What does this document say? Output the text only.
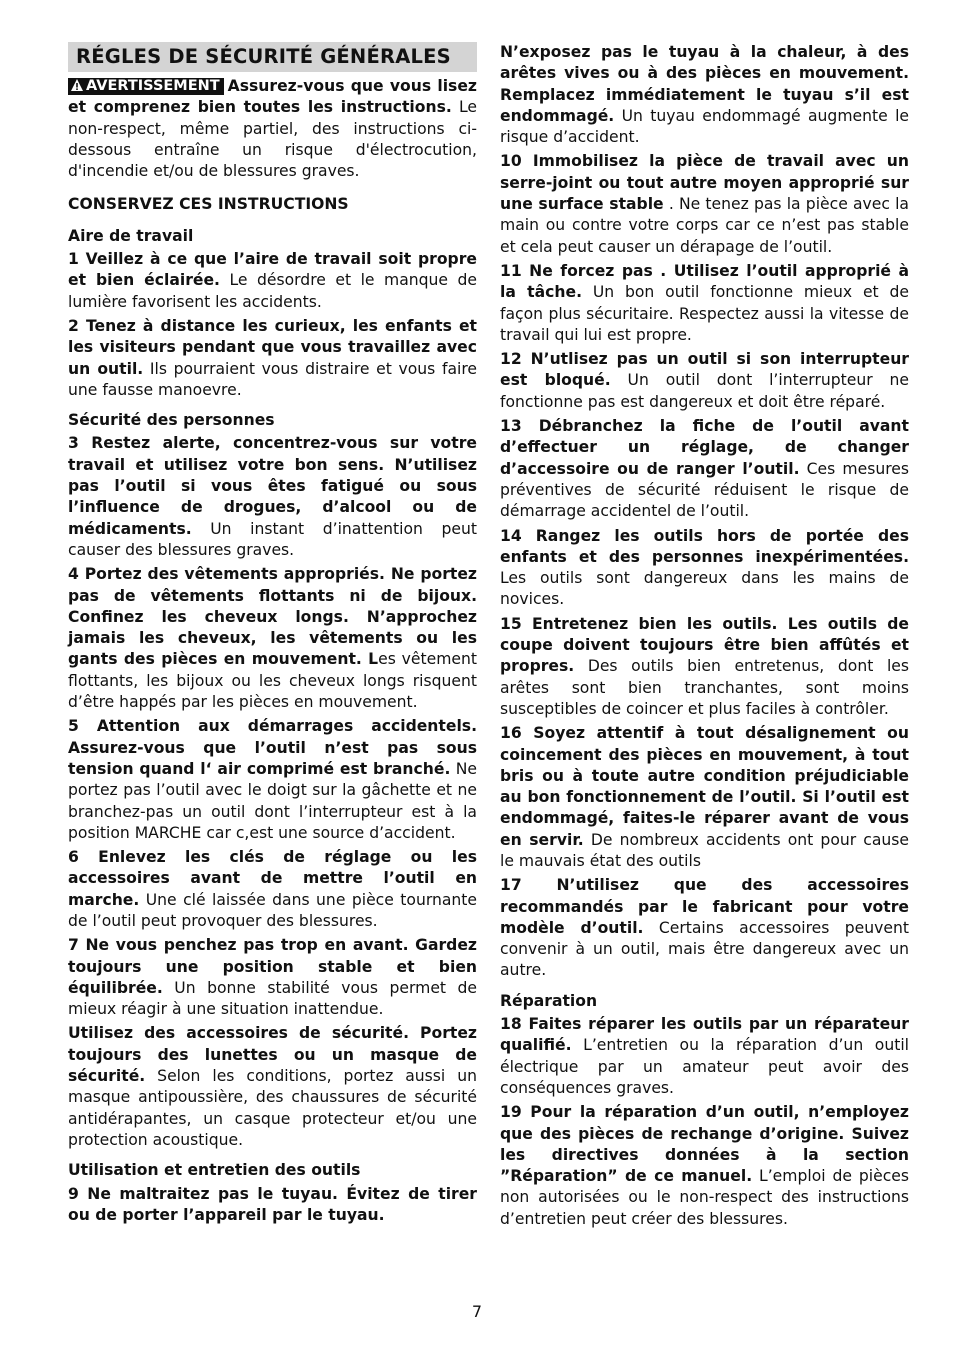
RÉGLES DE SÉCURITÉ GÉNÉRALES

AVERTISSEMENT Assurez-vous que vous lisez et comprenez bien toutes les instructions. Le non-respect, même partiel, des instructions ci-dessous entraîne un risque d'électrocution, d'incendie et/ou de blessures graves.

CONSERVEZ CES INSTRUCTIONS

Aire de travail

1 Veillez à ce que l’aire de travail soit propre et bien éclairée. Le désordre et le manque de lumière favorisent les accidents.

2 Tenez à distance les curieux, les enfants et les visiteurs pendant que vous travaillez avec un outil. Ils pourraient vous distraire et vous faire une fausse manoevre.

Sécurité des personnes

3 Restez alerte, concentrez-vous sur votre travail et utilisez votre bon sens. N’utilisez pas l’outil si vous êtes fatigué ou sous l’influence de drogues, d’alcool ou de médicaments. Un instant d’inattention peut causer des blessures graves.

4 Portez des vêtements appropriés. Ne portez pas de vêtements flottants ni de bijoux. Confinez les cheveux longs. N’approchez jamais les cheveux, les vêtements ou les gants des pièces en mouvement. Les vêtement flottants, les bijoux ou les cheveux longs risquent d’être happés par les pièces en mouvement.

5 Attention aux démarrages accidentels. Assurez-vous que l’outil n’est pas sous tension quand l‘ air comprimé est branché. Ne portez pas l’outil avec le doigt sur la gâchette et ne branchez-pas un outil dont l’interrupteur est à la position MARCHE car c,est une source d’accident.

6 Enlevez les clés de réglage ou les accessoires avant de mettre l’outil en marche. Une clé laissée dans une pièce tournante de l’outil peut provoquer des blessures.

7 Ne vous penchez pas trop en avant. Gardez toujours une position stable et bien équilibrée. Un bonne stabilité vous permet de mieux réagir à une situation inattendue.

Utilisez des accessoires de sécurité. Portez toujours des lunettes ou un masque de sécurité. Selon les conditions, portez aussi un masque antipoussière, des chaussures de sécurité antidérapantes, un casque protecteur et/ou une protection acoustique.

Utilisation et entretien des outils

9 Ne maltraitez pas le tuyau. Évitez de tirer ou de porter l’appareil par le tuyau.

N’exposez pas le tuyau à la chaleur, à des arêtes vives ou à des pièces en mouvement. Remplacez immédiatement le tuyau s’il est endommagé. Un tuyau endommagé augmente le risque d’accident.

10 Immobilisez la pièce de travail avec un serre-joint ou tout autre moyen approprié sur une surface stable . Ne tenez pas la pièce avec la main ou contre votre corps car ce n’est pas stable et cela peut causer un dérapage de l’outil.

11 Ne forcez pas . Utilisez l’outil approprié à la tâche. Un bon outil fonctionne mieux et de façon plus sécuritaire. Respectez aussi la vitesse de travail qui lui est propre.

12 N’utlisez pas un outil si son interrupteur est bloqué. Un outil dont l’interrupteur ne fonctionne pas est dangereux et doit être réparé.

13 Débranchez la fiche de l’outil avant d’effectuer un réglage, de changer d’accessoire ou de ranger l’outil. Ces mesures préventives de sécurité réduisent le risque de démarrage accidentel de l’outil.

14 Rangez les outils hors de portée des enfants et des personnes inexpérimentées. Les outils sont dangereux dans les mains de novices.

15 Entretenez bien les outils. Les outils de coupe doivent toujours être bien affûtés et propres. Des outils bien entretenus, dont les arêtes sont bien tranchantes, sont moins susceptibles de coincer et plus faciles à contrôler.

16 Soyez attentif à tout désalignement ou coincement des pièces en mouvement, à tout bris ou à toute autre condition préjudiciable au bon fonctionnement de l’outil. Si l’outil est endommagé, faites-le réparer avant de vous en servir. De nombreux accidents ont pour cause le mauvais état des outils

17 N’utilisez que des accessoires recommandés par le fabricant pour votre modèle d’outil. Certains accessoires peuvent convenir à un outil, mais être dangereux avec un autre.

Réparation

18 Faites réparer les outils par un réparateur qualifié. L’entretien ou la réparation d’un outil électrique par un amateur peut avoir des conséquences graves.

19 Pour la réparation d’un outil, n’employez que des pièces de rechange d’origine. Suivez les directives données à la section ”Réparation” de ce manuel. L’emploi de pièces non autorisées ou le non-respect des instructions d’entretien peut créer des blessures.

7
